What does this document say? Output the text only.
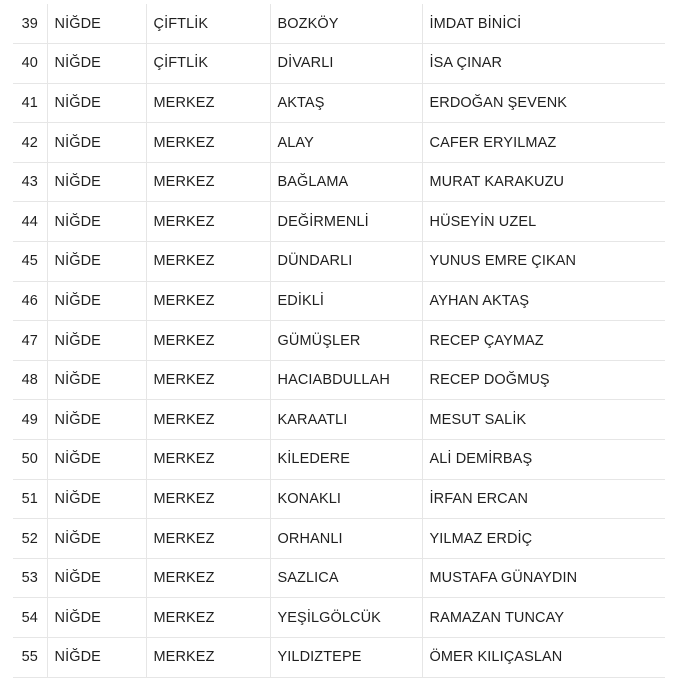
39	NİĞDE	ÇİFTLİK	BOZKÖY	İMDAT BİNİCİ
40	NİĞDE	ÇİFTLİK	DİVARLI	İSA ÇINAR
41	NİĞDE	MERKEZ	AKTAŞ	ERDOĞAN ŞEVENK
42	NİĞDE	MERKEZ	ALAY	CAFER ERYILMAZ
43	NİĞDE	MERKEZ	BAĞLAMA	MURAT KARAKUZU
44	NİĞDE	MERKEZ	DEĞİRMENLİ	HÜSEYİN UZEL
45	NİĞDE	MERKEZ	DÜNDARLI	YUNUS EMRE ÇIKAN
46	NİĞDE	MERKEZ	EDİKLİ	AYHAN AKTAŞ
47	NİĞDE	MERKEZ	GÜMÜŞLER	RECEP ÇAYMAZ
48	NİĞDE	MERKEZ	HACIABDULLAH	RECEP DOĞMUŞ
49	NİĞDE	MERKEZ	KARAATLI	MESUT SALİK
50	NİĞDE	MERKEZ	KİLEDERE	ALİ DEMİRBAŞ
51	NİĞDE	MERKEZ	KONAKLI	İRFAN ERCAN
52	NİĞDE	MERKEZ	ORHANLI	YILMAZ ERDİÇ
53	NİĞDE	MERKEZ	SAZLICA	MUSTAFA GÜNAYDIN
54	NİĞDE	MERKEZ	YEŞİLGÖLCÜK	RAMAZAN TUNCAY
55	NİĞDE	MERKEZ	YILDIZTEPE	ÖMER KILIÇASLAN
